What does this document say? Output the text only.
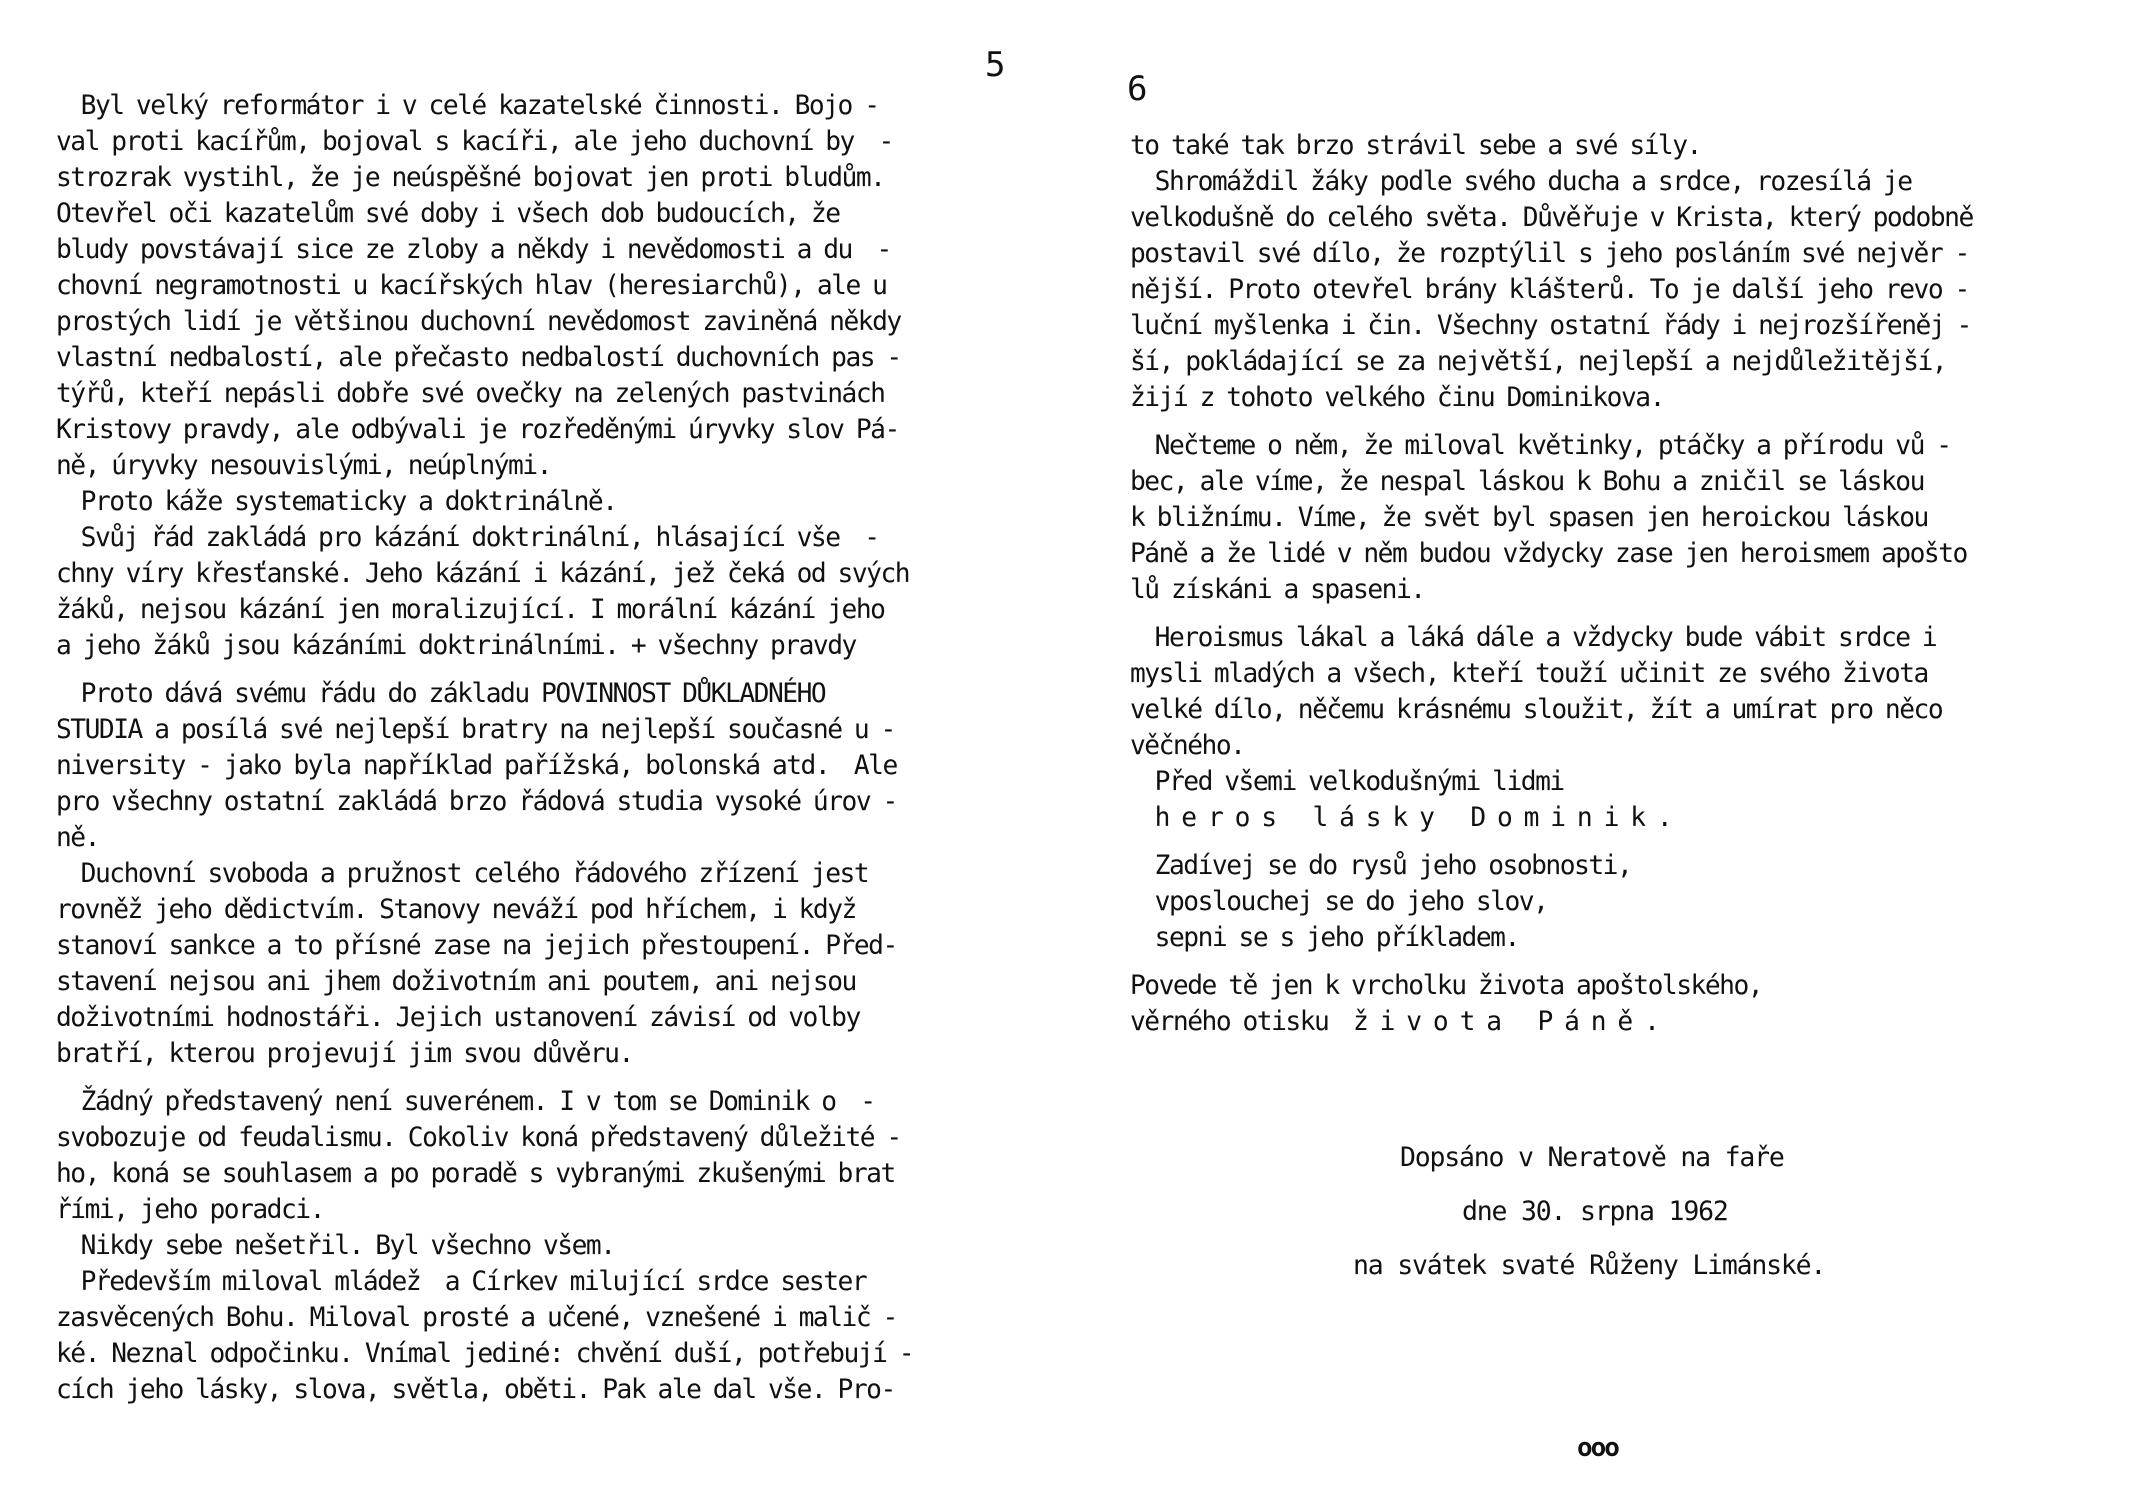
5
Byl velký reformátor i v celé kazatelské činnosti. Bojo -
val proti kacířům, bojoval s kacíři, ale jeho duchovní by  -
strozrak vystihl, že je neúspěšné bojovat jen proti bludům.
Otevřel oči kazatelům své doby i všech dob budoucích, že
bludy povstávají sice ze zloby a někdy i nevědomosti a du  -
chovní negramotnosti u kacířských hlav (heresiarchů), ale u
prostých lidí je většinou duchovní nevědomost zaviněná někdy
vlastní nedbalostí, ale přečasto nedbalostí duchovních pas -
týřů, kteří nepásli dobře své ovečky na zelených pastvinách
Kristovy pravdy, ale odbývali je rozředěnými úryvky slov Pá-
ně, úryvky nesouvislými, neúplnými.
Proto káže systematicky a doktrinálně.
Svůj řád zakládá pro kázání doktrinální, hlásající vše  -
chny víry křesťanské. Jeho kázání i kázání, jež čeká od svých
žáků, nejsou kázání jen moralizující. I morální kázání jeho
a jeho žáků jsou kázáními doktrinálními. + všechny pravdy
Proto dává svému řádu do základu POVINNOST DŮKLADNÉHO
STUDIA a posílá své nejlepší bratry na nejlepší současné u -
niversity - jako byla například pařížská, bolonská atd.  Ale
pro všechny ostatní zakládá brzo řádová studia vysoké úrov -
ně.
Duchovní svoboda a pružnost celého řádového zřízení jest
rovněž jeho dědictvím. Stanovy neváží pod hříchem, i když
stanoví sankce a to přísné zase na jejich přestoupení. Před-
stavení nejsou ani jhem doživotním ani poutem, ani nejsou
doživotními hodnostáři. Jejich ustanovení závisí od volby
bratří, kterou projevují jim svou důvěru.
Žádný představený není suverénem. I v tom se Dominik o  -
svobozuje od feudalismu. Cokoliv koná představený důležité -
ho, koná se souhlasem a po poradě s vybranými zkušenými brat
řími, jeho poradci.
Nikdy sebe nešetřil. Byl všechno všem.
Především miloval mládež  a Církev milující srdce sester
zasvěcených Bohu. Miloval prosté a učené, vznešené i malič -
ké. Neznal odpočinku. Vnímal jediné: chvění duší, potřebují -
cích jeho lásky, slova, světla, oběti. Pak ale dal vše. Pro-
6
to také tak brzo strávil sebe a své síly.
Shromáždil žáky podle svého ducha a srdce, rozesílá je
velkodušně do celého světa. Důvěřuje v Krista, který podobně
postavil své dílo, že rozptýlil s jeho posláním své nejvěr -
nější. Proto otevřel brány klášterů. To je další jeho revo -
luční myšlenka i čin. Všechny ostatní řády i nejrozšířeněj -
ší, pokládající se za největší, nejlepší a nejdůležitější,
žijí z tohoto velkého činu Dominikova.
Nečteme o něm, že miloval květinky, ptáčky a přírodu vů -
bec, ale víme, že nespal láskou k Bohu a zničil se láskou
k bližnímu. Víme, že svět byl spasen jen heroickou láskou
Páně a že lidé v něm budou vždycky zase jen heroismem apošto
lů získáni a spaseni.
Heroismus lákal a láká dále a vždycky bude vábit srdce i
mysli mladých a všech, kteří touží učinit ze svého života
velké dílo, něčemu krásnému sloužit, žít a umírat pro něco
věčného.
Před všemi velkodušnými lidmi
h e r o s   l á s k y   D o m i n i k .
Zadívej se do rysů jeho osobnosti,
vposlouchej se do jeho slov,
sepni se s jeho příkladem.
Povede tě jen k vrcholku života apoštolského,
věrného otisku  ž i v o t a   P á n ě .
Dopsáno v Neratově na faře
dne 30. srpna 1962
na svátek svaté Růženy Limánské.
ooo
